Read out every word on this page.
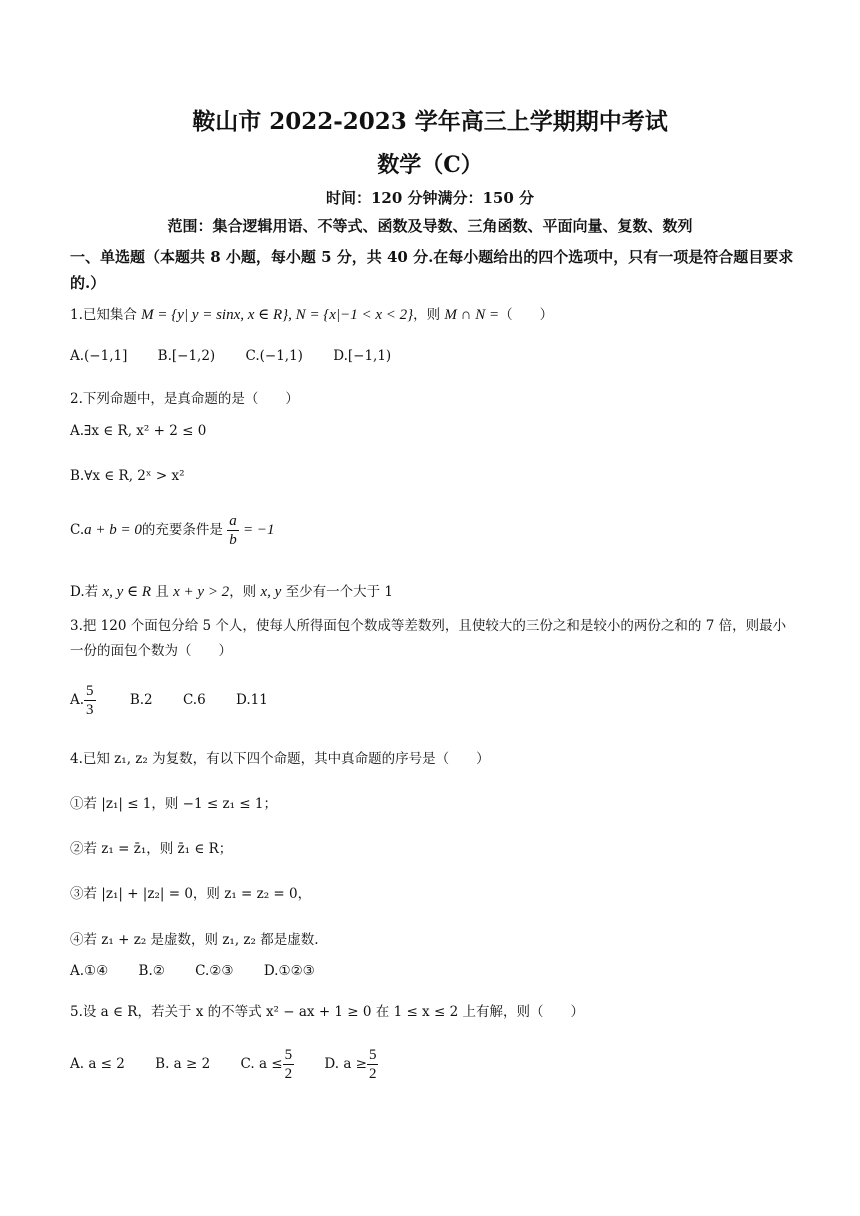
鞍山市 2022-2023 学年高三上学期期中考试
数学（C）
时间：120 分钟满分：150 分
范围：集合逻辑用语、不等式、函数及导数、三角函数、平面向量、复数、数列
一、单选题（本题共 8 小题，每小题 5 分，共 40 分.在每小题给出的四个选项中，只有一项是符合题目要求的.）
1.已知集合 M = {y| y = sinx, x ∈ R}, N = {x|−1 < x < 2}，则 M ∩ N =（　　）
A.(−1,1] B.[−1,2) C.(−1,1) D.[−1,1)
2.下列命题中，是真命题的是（　　）
A.∃x ∈ R, x² + 2 ≤ 0
B.∀x ∈ R, 2ˣ > x²
C.a + b = 0的充要条件是 $\frac{a}{b} = -1$
D.若 x, y ∈ R 且 x + y > 2，则 x, y 至少有一个大于 1
3.把 120 个面包分给 5 个人，使每人所得面包个数成等差数列，且使较大的三份之和是较小的两份之和的 7 倍，则最小一份的面包个数为（　　）
A. $\frac{5}{3}$	B.2 C.6 D.11
4.已知 z₁, z₂ 为复数，有以下四个命题，其中真命题的序号是（　　）
①若 |z₁| ≤ 1，则 −1 ≤ z₁ ≤ 1；
②若 z₁ = z̄₁，则 z̄₁ ∈ R；
③若 |z₁| + |z₂| = 0，则 z₁ = z₂ = 0，
④若 z₁ + z₂ 是虚数，则 z₁, z₂ 都是虚数.
A.①④ B.② C.②③ D.①②③
5.设 a ∈ R，若关于 x 的不等式 x² − ax + 1 ≥ 0 在 1 ≤ x ≤ 2 上有解，则（　　）
A. a ≤ 2 B. a ≥ 2 C. $a \le \frac{5}{2} D$. $a \ge \frac{5}{2}$
